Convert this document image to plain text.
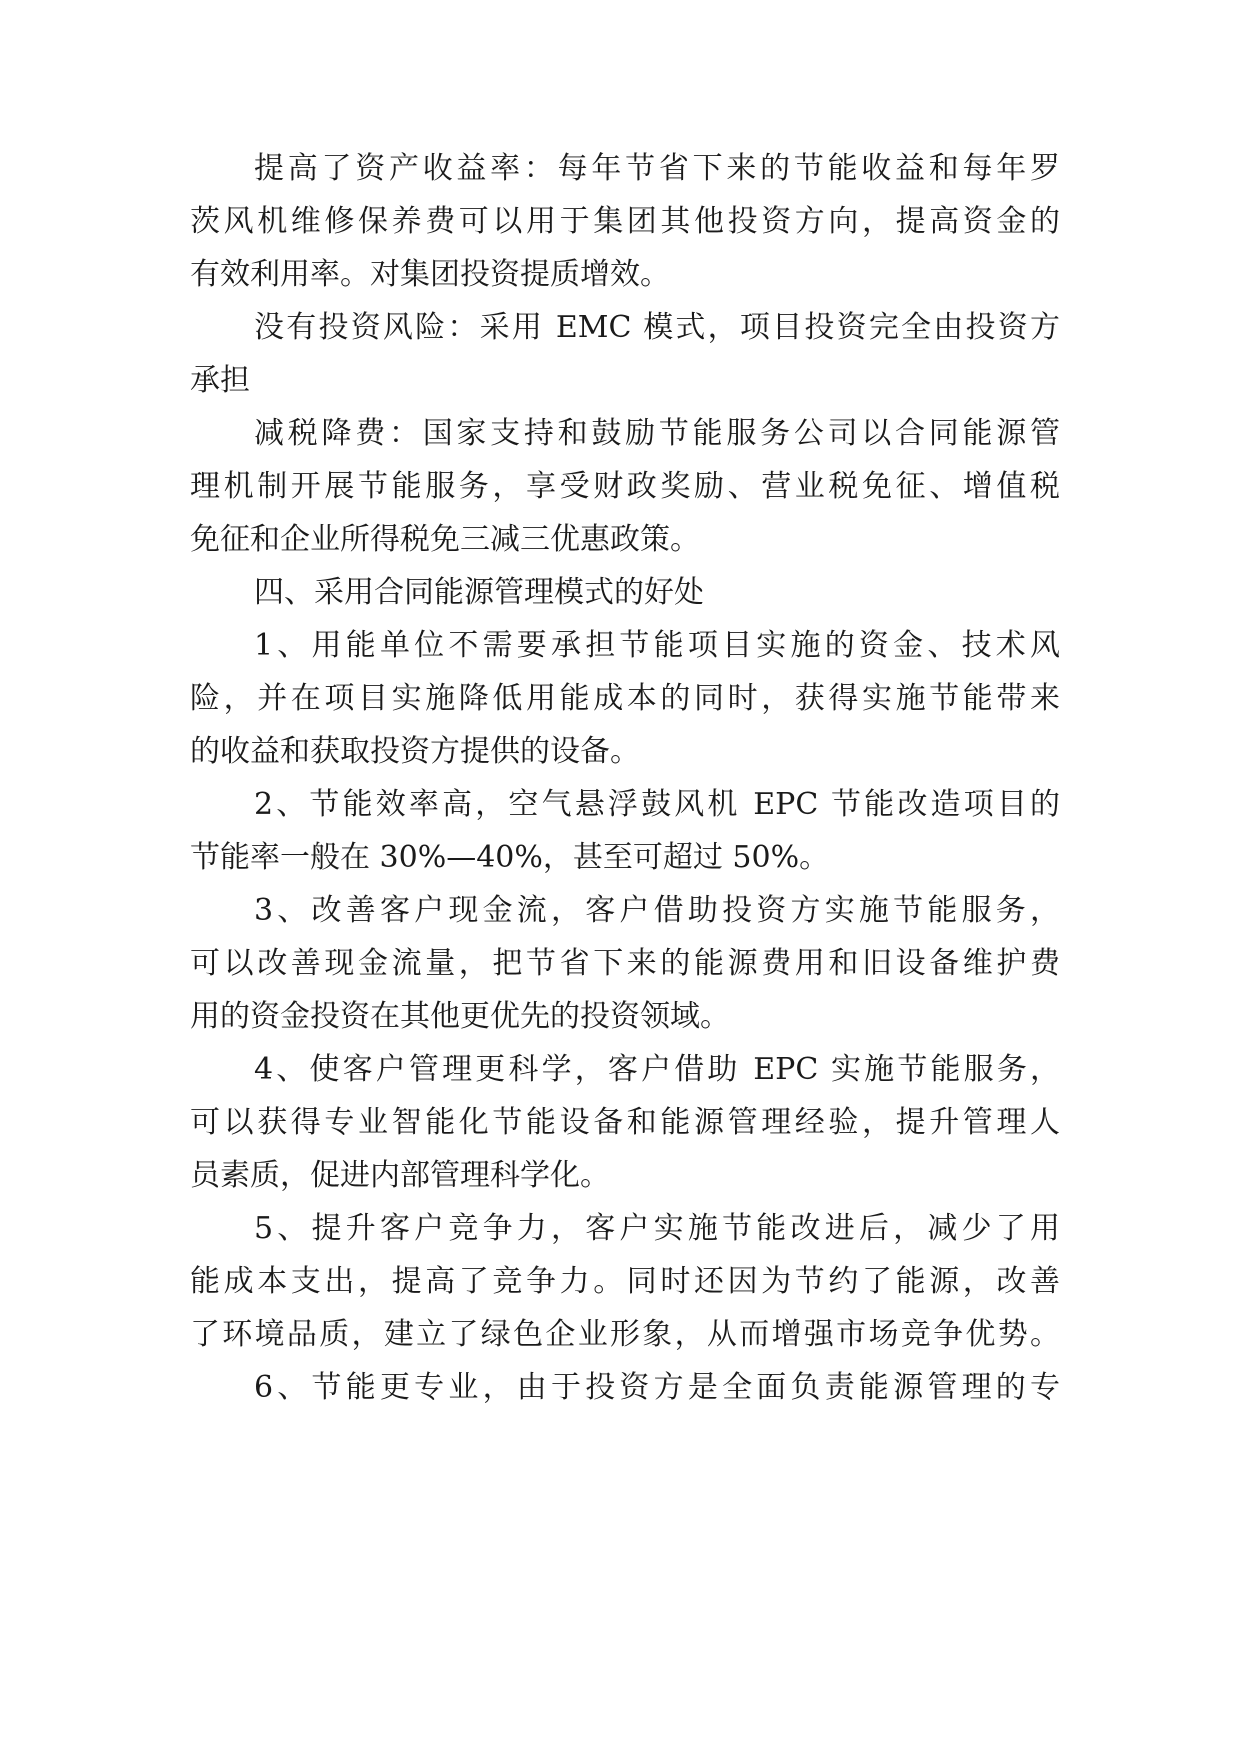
提高了资产收益率：每年节省下来的节能收益和每年罗
茨风机维修保养费可以用于集团其他投资方向，提高资金的
有效利用率。对集团投资提质增效。
没有投资风险：采用 EMC 模式，项目投资完全由投资方
承担
减税降费：国家支持和鼓励节能服务公司以合同能源管
理机制开展节能服务，享受财政奖励、营业税免征、增值税
免征和企业所得税免三减三优惠政策。
四、采用合同能源管理模式的好处
1、用能单位不需要承担节能项目实施的资金、技术风
险，并在项目实施降低用能成本的同时，获得实施节能带来
的收益和获取投资方提供的设备。
2、节能效率高，空气悬浮鼓风机 EPC 节能改造项目的
节能率一般在 30%—40%，甚至可超过 50%。
3、改善客户现金流，客户借助投资方实施节能服务，
可以改善现金流量，把节省下来的能源费用和旧设备维护费
用的资金投资在其他更优先的投资领域。
4、使客户管理更科学，客户借助 EPC 实施节能服务，
可以获得专业智能化节能设备和能源管理经验，提升管理人
员素质，促进内部管理科学化。
5、提升客户竞争力，客户实施节能改进后，减少了用
能成本支出，提高了竞争力。同时还因为节约了能源，改善
了环境品质，建立了绿色企业形象，从而增强市场竞争优势。
6、节能更专业，由于投资方是全面负责能源管理的专
